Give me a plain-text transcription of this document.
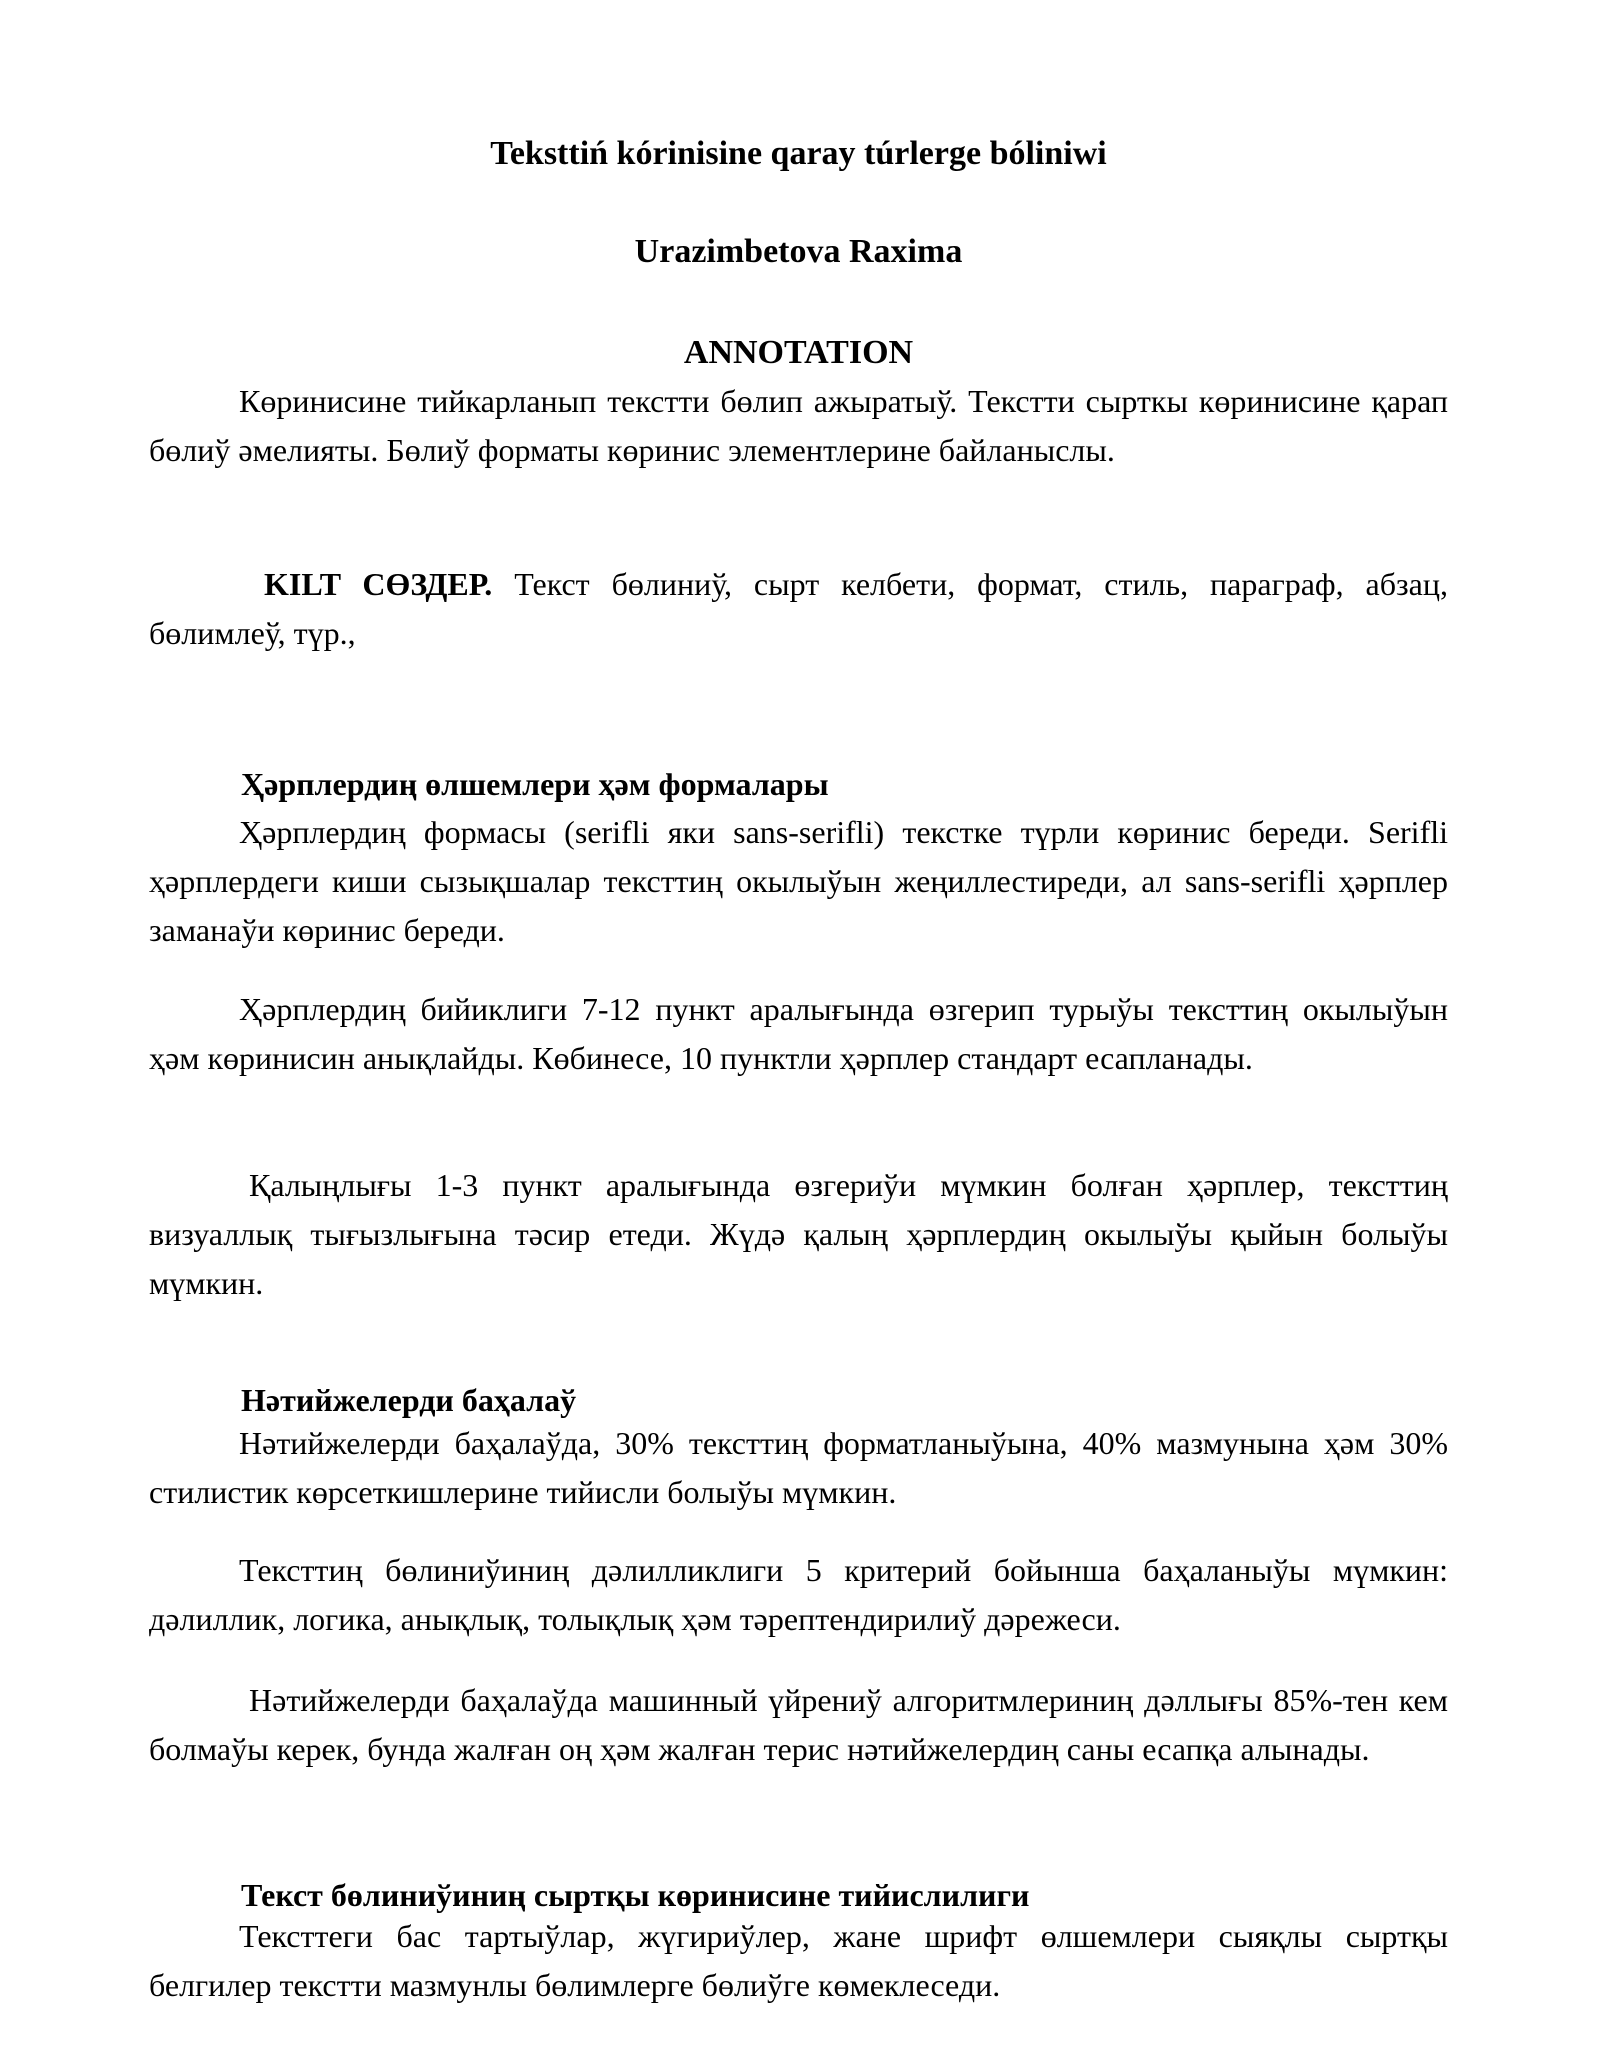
Teksttiń kórinisine qaray túrlerge bóliniwi

Urazimbetova Raxima

ANNOTATION

Көринисине тийкарланып текстти бөлип ажыратыў. Текстти сырткы көринисине қарап бөлиў әмелияты. Бөлиў форматы көринис элементлерине байланыслы.

KILT СӨЗДЕР. Текст бөлиниў, сырт келбети, формат, стиль, параграф, абзац, бөлимлеў, түр.,

Ҳәрплердиң өлшемлери ҳәм формалары

Ҳәрплердиң формасы (serifli яки sans-serifli) текстке түрли көринис береди. Serifli ҳәрплердеги киши сызықшалар тексттиң окылыўын жеңиллестиреди, ал sans-serifli ҳәрплер заманаўи көринис береди.

Ҳәрплердиң бийиклиги 7-12 пункт аралығында өзгерип турыўы тексттиң окылыўын ҳәм көринисин анықлайды. Көбинесе, 10 пунктли ҳәрплер стандарт есапланады.

Қалыңлығы 1-3 пункт аралығында өзгериўи мүмкин болған ҳәрплер, тексттиң визуаллық тығызлығына тәсир етеди. Жүдә қалың ҳәрплердиң окылыўы қыйын болыўы мүмкин.

Нәтийжелерди баҳалаў

Нәтийжелерди баҳалаўда, 30% тексттиң форматланыўына, 40% мазмунына ҳәм 30% стилистик көрсеткишлерине тийисли болыўы мүмкин.

Тексттиң бөлиниўиниң дәлилликлиги 5 критерий бойынша баҳаланыўы мүмкин: дәлиллик, логика, анықлық, толықлық ҳәм тәрептендирилиў дәрежеси.

Нәтийжелерди баҳалаўда машинный үйрениў алгоритмлериниң дәллығы 85%-тен кем болмаўы керек, бунда жалған оң ҳәм жалған терис нәтийжелердиң саны есапқа алынады.

Текст бөлиниўиниң сыртқы көринисине тийислилиги

Тексттеги бас тартыўлар, жүгириўлер, жане шрифт өлшемлери сыяқлы сыртқы белгилер текстти мазмунлы бөлимлерге бөлиўге көмеклеседи.
